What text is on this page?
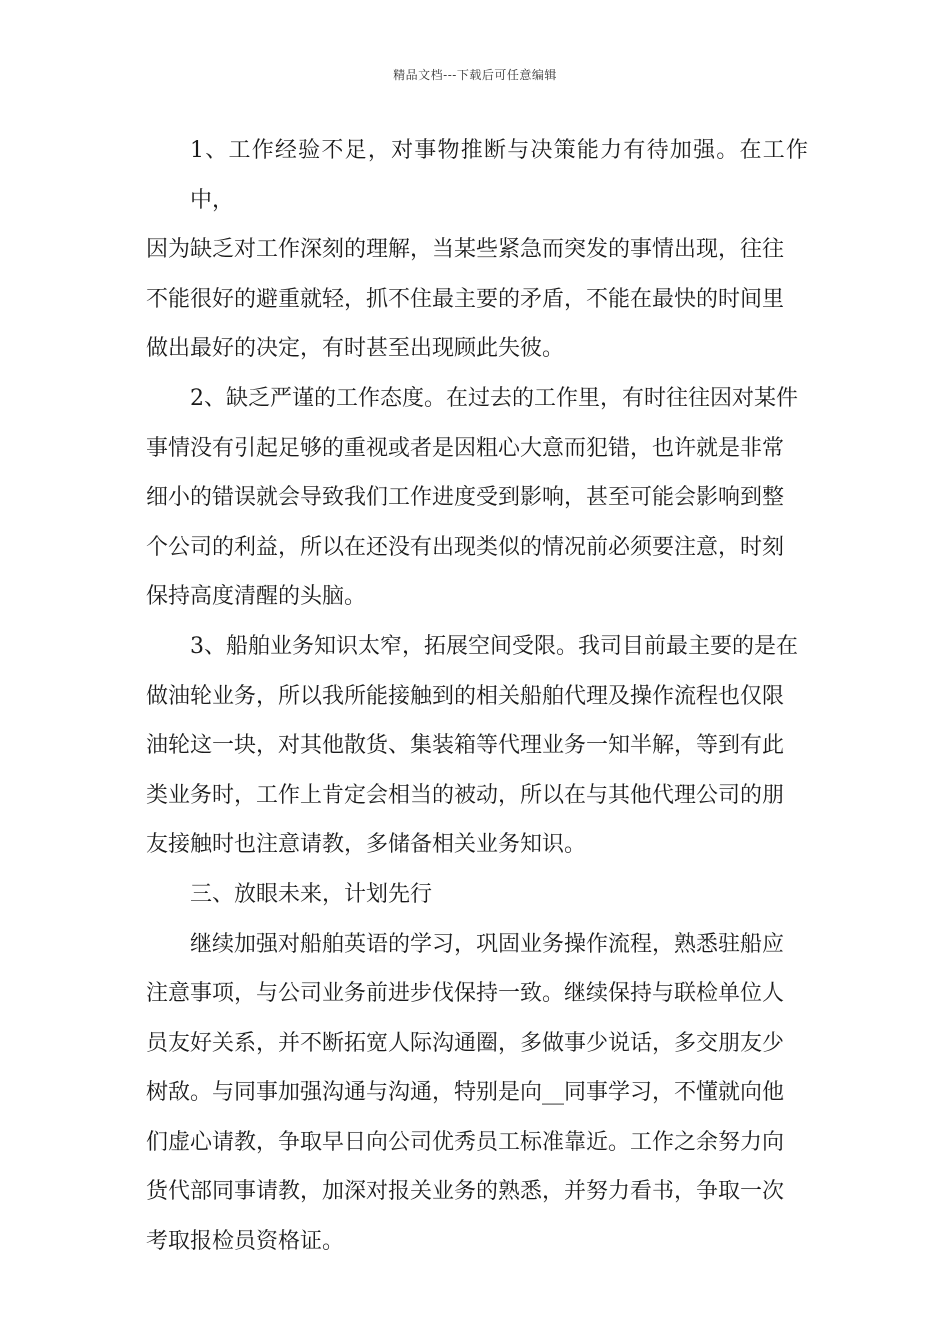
精品文档---下载后可任意编辑
1、工作经验不足，对事物推断与决策能力有待加强。在工作中，
因为缺乏对工作深刻的理解，当某些紧急而突发的事情出现，往往
不能很好的避重就轻，抓不住最主要的矛盾，不能在最快的时间里
做出最好的决定，有时甚至出现顾此失彼。
2、缺乏严谨的工作态度。在过去的工作里，有时往往因对某件
事情没有引起足够的重视或者是因粗心大意而犯错，也许就是非常
细小的错误就会导致我们工作进度受到影响，甚至可能会影响到整
个公司的利益，所以在还没有出现类似的情况前必须要注意，时刻
保持高度清醒的头脑。
3、船舶业务知识太窄，拓展空间受限。我司目前最主要的是在
做油轮业务，所以我所能接触到的相关船舶代理及操作流程也仅限
油轮这一块，对其他散货、集装箱等代理业务一知半解，等到有此
类业务时，工作上肯定会相当的被动，所以在与其他代理公司的朋
友接触时也注意请教，多储备相关业务知识。
三、放眼未来，计划先行
继续加强对船舶英语的学习，巩固业务操作流程，熟悉驻船应
注意事项，与公司业务前进步伐保持一致。继续保持与联检单位人
员友好关系，并不断拓宽人际沟通圈，多做事少说话，多交朋友少
树敌。与同事加强沟通与沟通，特别是向__同事学习，不懂就向他
们虚心请教，争取早日向公司优秀员工标准靠近。工作之余努力向
货代部同事请教，加深对报关业务的熟悉，并努力看书，争取一次
考取报检员资格证。
